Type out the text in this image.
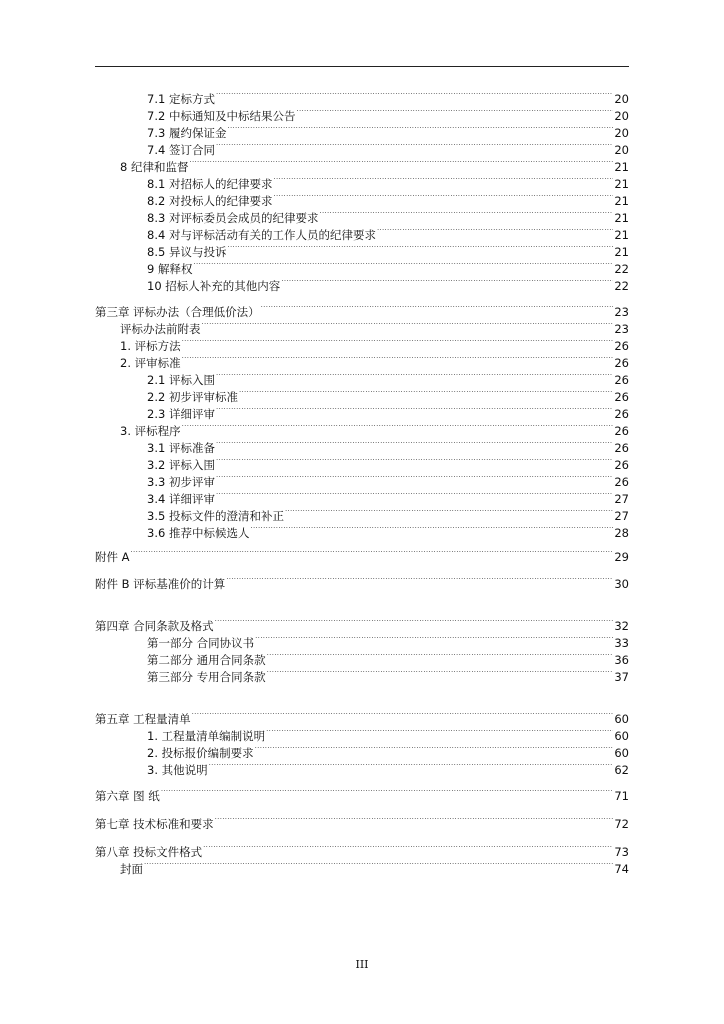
7.1 定标方式 .....	20
7.2 中标通知及中标结果公告 .....	20
7.3 履约保证金 .....	20
7.4 签订合同 .....	20
8 纪律和监督 .....	21
8.1 对招标人的纪律要求 .....	21
8.2 对投标人的纪律要求 .....	21
8.3 对评标委员会成员的纪律要求 .....	21
8.4 对与评标活动有关的工作人员的纪律要求 .....	21
8.5 异议与投诉 .....	21
9 解释权 .....	22
10 招标人补充的其他内容 .....	22
第三章 评标办法（合理低价法） .....	23
评标办法前附表 .....	23
1. 评标方法 .....	26
2. 评审标准 .....	26
2.1 评标入围 .....	26
2.2 初步评审标准 .....	26
2.3 详细评审 .....	26
3. 评标程序 .....	26
3.1 评标准备 .....	26
3.2 评标入围 .....	26
3.3 初步评审 .....	26
3.4 详细评审 .....	27
3.5 投标文件的澄清和补正 .....	27
3.6 推荐中标候选人 .....	28
附件 A .....	29
附件 B 评标基准价的计算 .....	30
第四章 合同条款及格式 .....	32
第一部分 合同协议书 .....	33
第二部分 通用合同条款 .....	36
第三部分 专用合同条款 .....	37
第五章 工程量清单 .....	60
1. 工程量清单编制说明 .....	60
2. 投标报价编制要求 .....	60
3. 其他说明 .....	62
第六章 图 纸 .....	71
第七章 技术标准和要求 .....	72
第八章 投标文件格式 .....	73
封面 .....	74
III
